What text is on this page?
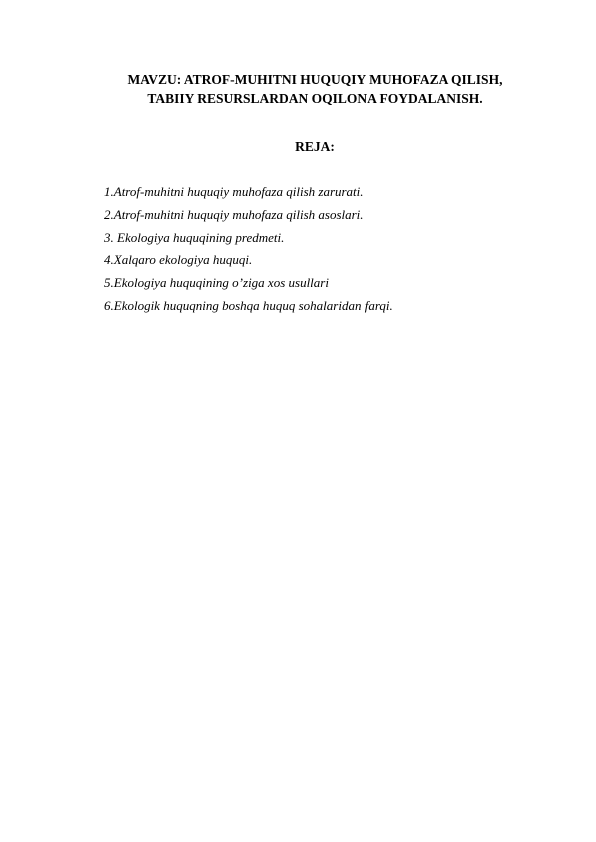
MAVZU: ATROF-MUHITNI HUQUQIY MUHOFAZA QILISH,
TABIIY RESURSLARDAN OQILONA FOYDALANISH.
REJA:
1.Atrof-muhitni huquqiy muhofaza qilish zarurati.
2.Atrof-muhitni huquqiy muhofaza qilish asoslari.
3. Ekologiya huquqining predmeti.
4.Xalqaro ekologiya huquqi.
5.Ekologiya huquqining o’ziga xos usullari
6.Ekologik huquqning boshqa huquq sohalaridan farqi.
